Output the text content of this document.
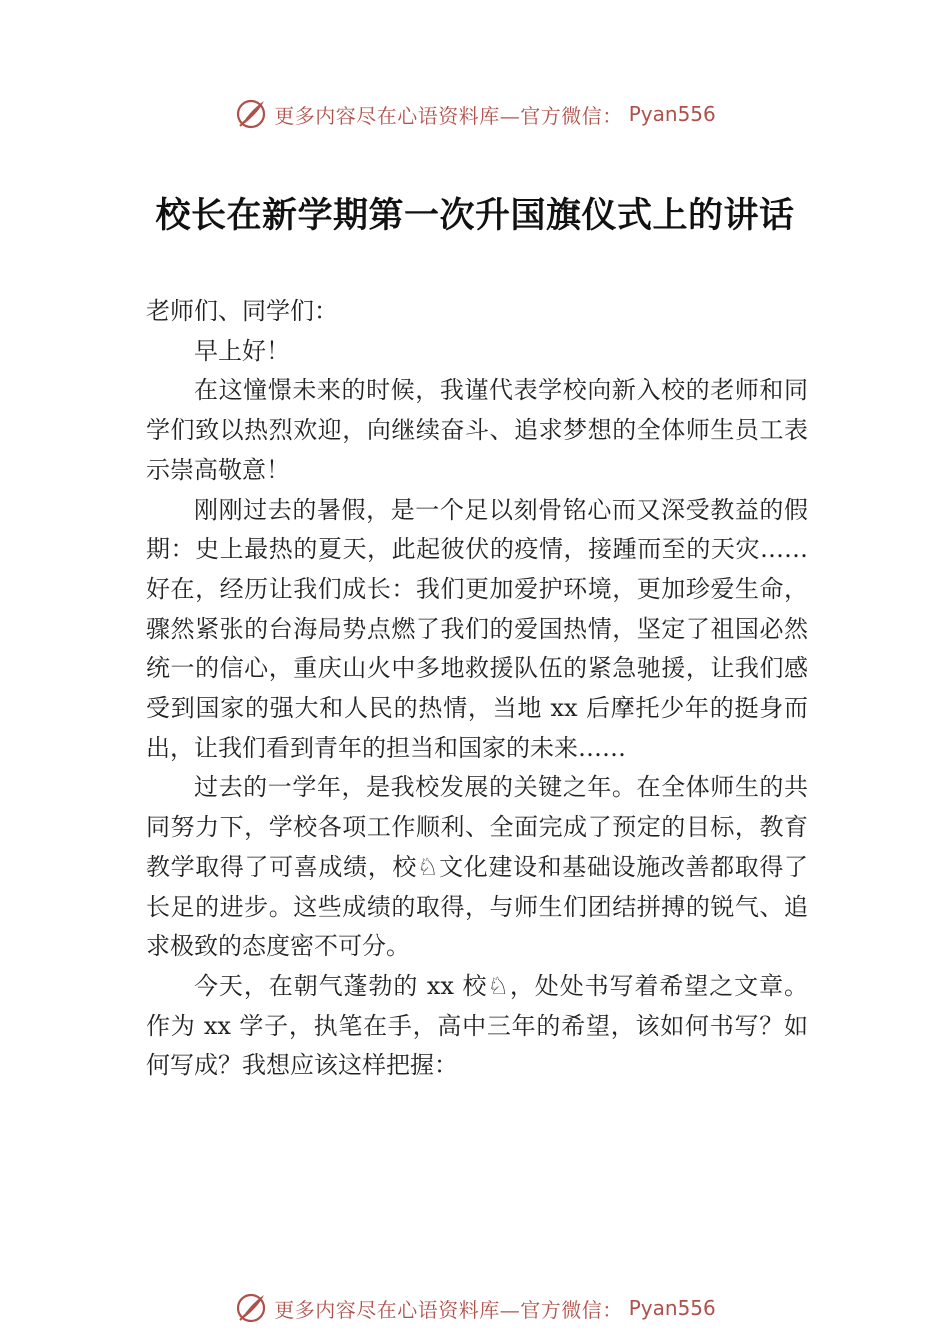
更多内容尽在心语资料库—官方微信： Pyan556
校长在新学期第一次升国旗仪式上的讲话

老师们、同学们：

早上好！

在这憧憬未来的时候，我谨代表学校向新入校的老师和同学们致以热烈欢迎，向继续奋斗、追求梦想的全体师生员工表示崇高敬意！

刚刚过去的暑假，是一个足以刻骨铭心而又深受教益的假期：史上最热的夏天，此起彼伏的疫情，接踵而至的天灾……好在，经历让我们成长：我们更加爱护环境，更加珍爱生命，骤然紧张的台海局势点燃了我们的爱国热情，坚定了祖国必然统一的信心，重庆山火中多地救援队伍的紧急驰援，让我们感受到国家的强大和人民的热情，当地 xx 后摩托少年的挺身而出，让我们看到青年的担当和国家的未来……

过去的一学年，是我校发展的关键之年。在全体师生的共同努力下，学校各项工作顺利、全面完成了预定的目标，教育教学取得了可喜成绩，校♘文化建设和基础设施改善都取得了长足的进步。这些成绩的取得，与师生们团结拼搏的锐气、追求极致的态度密不可分。

今天，在朝气蓬勃的 xx 校♘，处处书写着希望之文章。作为 xx 学子，执笔在手，高中三年的希望，该如何书写？如何写成？我想应该这样把握：

更多内容尽在心语资料库—官方微信： Pyan556
